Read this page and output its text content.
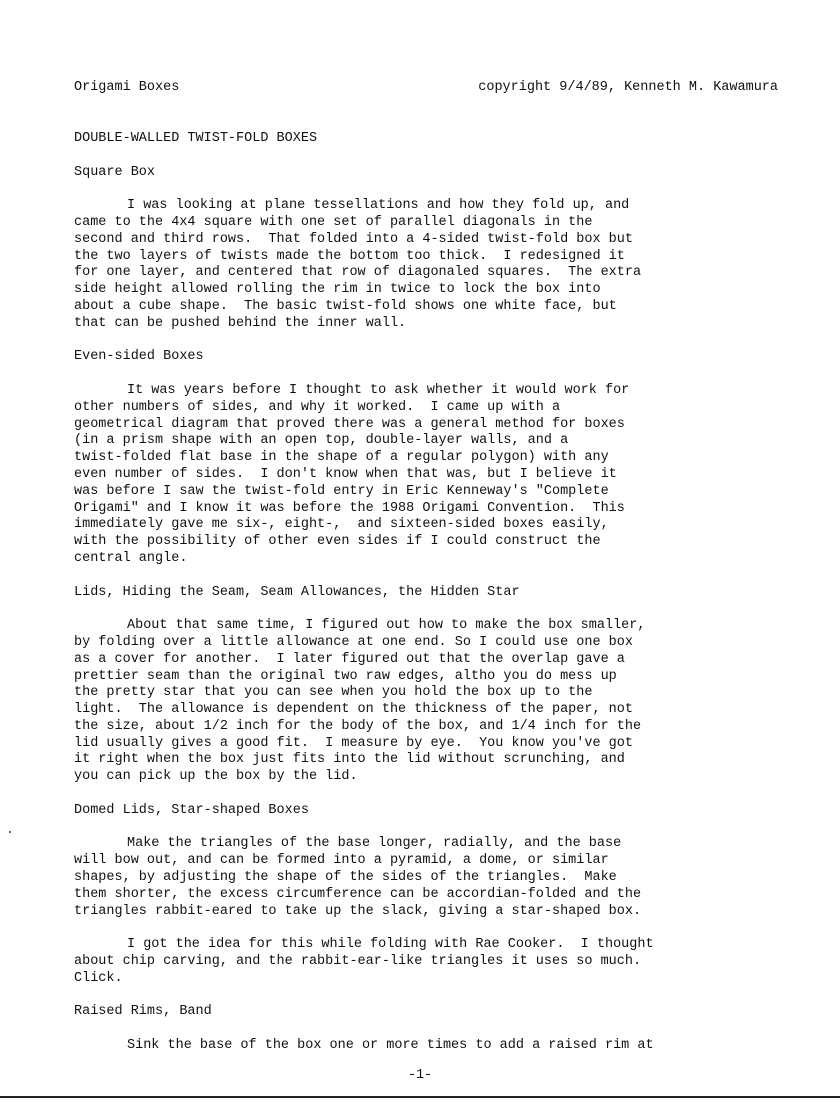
Origami Boxes	copyright 9/4/89, Kenneth M. Kawamura
DOUBLE-WALLED TWIST-FOLD BOXES
Square Box
I was looking at plane tessellations and how they fold up, and
came to the 4x4 square with one set of parallel diagonals in the
second and third rows.  That folded into a 4-sided twist-fold box but
the two layers of twists made the bottom too thick.  I redesigned it
for one layer, and centered that row of diagonaled squares.  The extra
side height allowed rolling the rim in twice to lock the box into
about a cube shape.  The basic twist-fold shows one white face, but
that can be pushed behind the inner wall.
Even-sided Boxes
It was years before I thought to ask whether it would work for
other numbers of sides, and why it worked.  I came up with a
geometrical diagram that proved there was a general method for boxes
(in a prism shape with an open top, double-layer walls, and a
twist-folded flat base in the shape of a regular polygon) with any
even number of sides.  I don't know when that was, but I believe it
was before I saw the twist-fold entry in Eric Kenneway's "Complete
Origami" and I know it was before the 1988 Origami Convention.  This
immediately gave me six-, eight-,  and sixteen-sided boxes easily,
with the possibility of other even sides if I could construct the
central angle.
Lids, Hiding the Seam, Seam Allowances, the Hidden Star
About that same time, I figured out how to make the box smaller,
by folding over a little allowance at one end. So I could use one box
as a cover for another.  I later figured out that the overlap gave a
prettier seam than the original two raw edges, altho you do mess up
the pretty star that you can see when you hold the box up to the
light.  The allowance is dependent on the thickness of the paper, not
the size, about 1/2 inch for the body of the box, and 1/4 inch for the
lid usually gives a good fit.  I measure by eye.  You know you've got
it right when the box just fits into the lid without scrunching, and
you can pick up the box by the lid.
Domed Lids, Star-shaped Boxes
Make the triangles of the base longer, radially, and the base
will bow out, and can be formed into a pyramid, a dome, or similar
shapes, by adjusting the shape of the sides of the triangles.  Make
them shorter, the excess circumference can be accordian-folded and the
triangles rabbit-eared to take up the slack, giving a star-shaped box.
I got the idea for this while folding with Rae Cooker.  I thought
about chip carving, and the rabbit-ear-like triangles it uses so much.
Click.
Raised Rims, Band
Sink the base of the box one or more times to add a raised rim at
-1-
